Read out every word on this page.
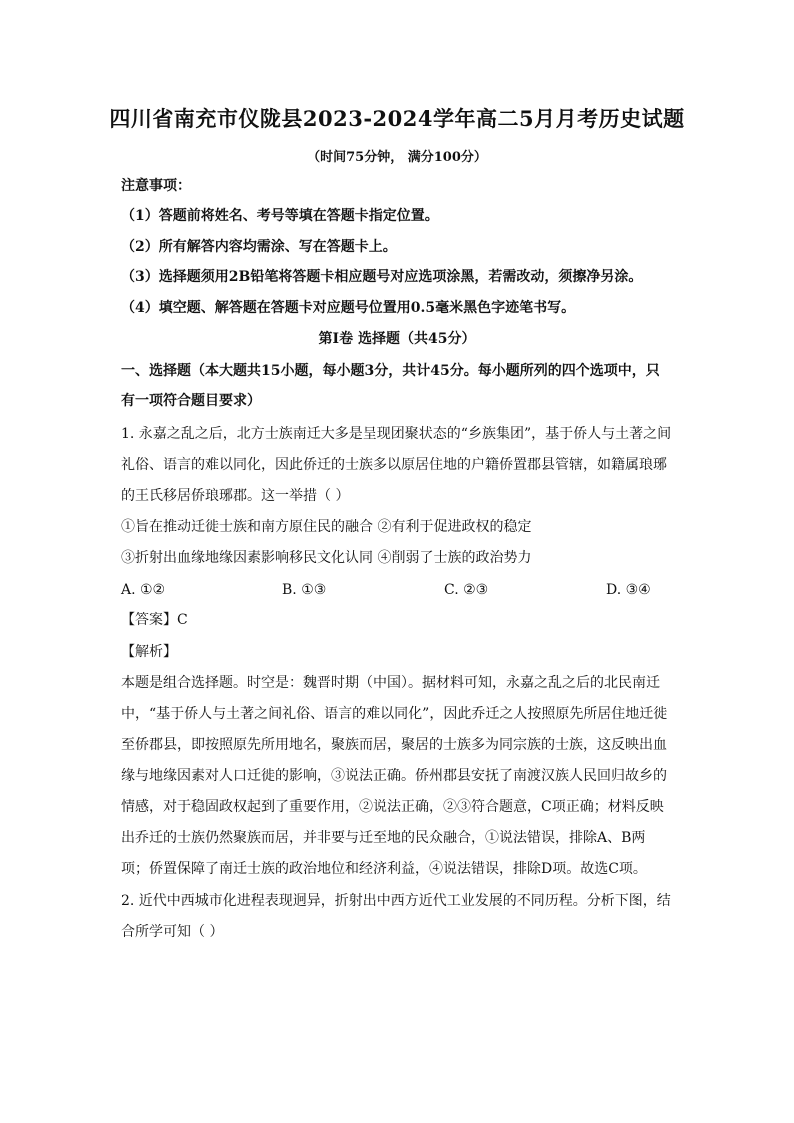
四川省南充市仪陇县2023-2024学年高二5月月考历史试题
（时间75分钟， 满分100分）
注意事项：
（1）答题前将姓名、考号等填在答题卡指定位置。
（2）所有解答内容均需涂、写在答题卡上。
（3）选择题须用2B铅笔将答题卡相应题号对应选项涂黑，若需改动，须擦净另涂。
（4）填空题、解答题在答题卡对应题号位置用0.5毫米黑色字迹笔书写。
第Ⅰ卷 选择题（共45分）
一、选择题（本大题共15小题，每小题3分，共计45分。每小题所列的四个选项中，只
有一项符合题目要求）
1. 永嘉之乱之后，北方士族南迁大多是呈现团聚状态的“乡族集团”，基于侨人与土著之间
礼俗、语言的难以同化，因此侨迁的士族多以原居住地的户籍侨置郡县管辖，如籍属琅琊
的王氏移居侨琅琊郡。这一举措（ ）
①旨在推动迁徙士族和南方原住民的融合 ②有利于促进政权的稳定
③折射出血缘地缘因素影响移民文化认同 ④削弱了士族的政治势力
A. ①②	B. ①③	C. ②③	D. ③④
【答案】C
【解析】
本题是组合选择题。时空是：魏晋时期（中国）。据材料可知，永嘉之乱之后的北民南迁
中，“基于侨人与土著之间礼俗、语言的难以同化”，因此乔迁之人按照原先所居住地迁徙
至侨郡县，即按照原先所用地名，聚族而居，聚居的士族多为同宗族的士族，这反映出血
缘与地缘因素对人口迁徙的影响，③说法正确。侨州郡县安抚了南渡汉族人民回归故乡的
情感，对于稳固政权起到了重要作用，②说法正确，②③符合题意，C项正确；材料反映
出乔迁的士族仍然聚族而居，并非要与迁至地的民众融合，①说法错误，排除A、B两
项；侨置保障了南迁士族的政治地位和经济利益，④说法错误，排除D项。故选C项。
2. 近代中西城市化进程表现迥异，折射出中西方近代工业发展的不同历程。分析下图，结
合所学可知（ ）
